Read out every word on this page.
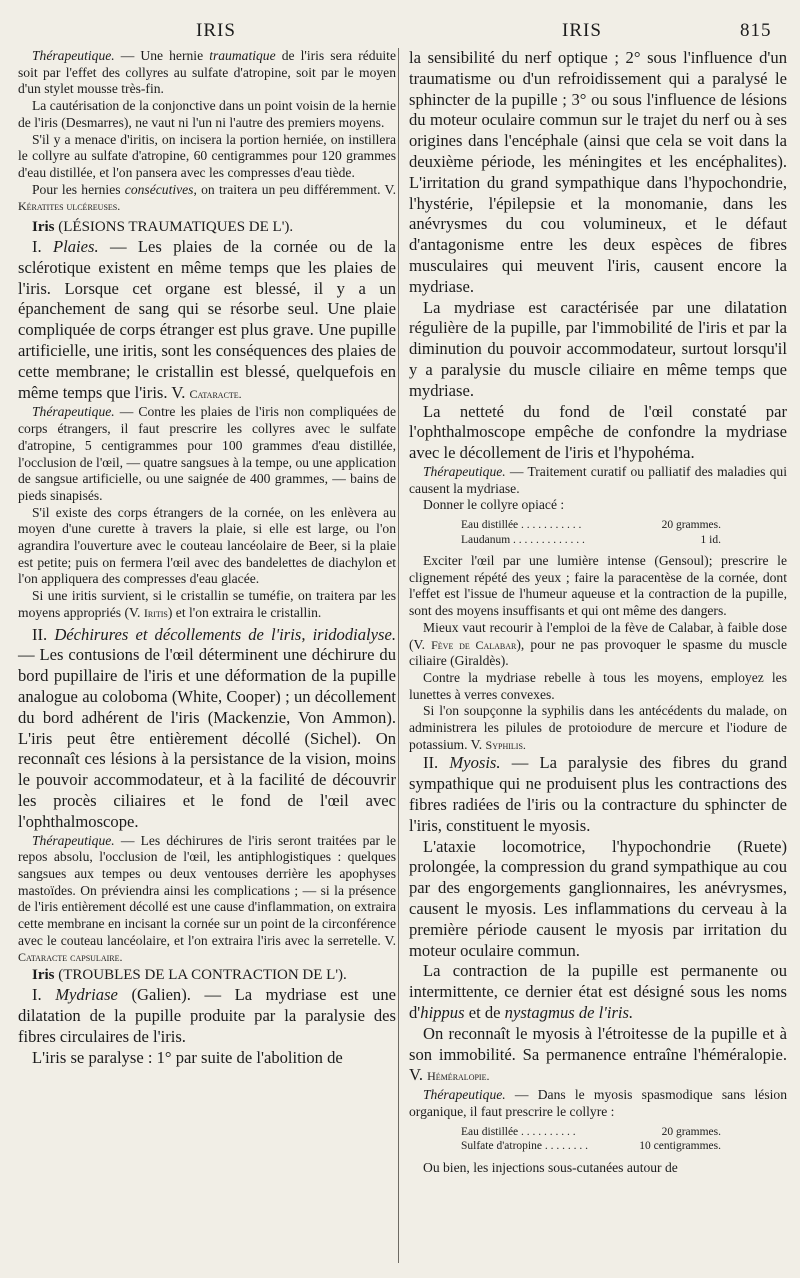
IRIS	IRIS	815

Thérapeutique. — Une hernie traumatique de l'iris sera réduite soit par l'effet des collyres au sulfate d'atropine, soit par le moyen d'un stylet mousse très-fin.

La cautérisation de la conjonctive dans un point voisin de la hernie de l'iris (Desmarres), ne vaut ni l'un ni l'autre des premiers moyens.

S'il y a menace d'iritis, on incisera la portion herniée, on instillera le collyre au sulfate d'atropine, 60 centigrammes pour 120 grammes d'eau distillée, et l'on pansera avec les compresses d'eau tiède.

Pour les hernies consécutives, on traitera un peu différemment. V. Kératites ulcéreuses.

Iris (LÉSIONS TRAUMATIQUES DE L').

I. Plaies. — Les plaies de la cornée ou de la sclérotique existent en même temps que les plaies de l'iris. Lorsque cet organe est blessé, il y a un épanchement de sang qui se résorbe seul. Une plaie compliquée de corps étranger est plus grave. Une pupille artificielle, une iritis, sont les conséquences des plaies de cette membrane; le cristallin est blessé, quelquefois en même temps que l'iris. V. Cataracte.

Thérapeutique. — Contre les plaies de l'iris non compliquées de corps étrangers, il faut prescrire les collyres avec le sulfate d'atropine, 5 centigrammes pour 100 grammes d'eau distillée, l'occlusion de l'œil, — quatre sangsues à la tempe, ou une application de sangsue artificielle, ou une saignée de 400 grammes, — bains de pieds sinapisés.

S'il existe des corps étrangers de la cornée, on les enlèvera au moyen d'une curette à travers la plaie, si elle est large, ou l'on agrandira l'ouverture avec le couteau lancéolaire de Beer, si la plaie est petite; puis on fermera l'œil avec des bandelettes de diachylon et l'on appliquera des compresses d'eau glacée.

Si une iritis survient, si le cristallin se tuméfie, on traitera par les moyens appropriés (V. Iritis) et l'on extraira le cristallin.

II. Déchirures et décollements de l'iris, iridodialyse. — Les contusions de l'œil déterminent une déchirure du bord pupillaire de l'iris et une déformation de la pupille analogue au coloboma (White, Cooper) ; un décollement du bord adhérent de l'iris (Mackenzie, Von Ammon). L'iris peut être entièrement décollé (Sichel). On reconnaît ces lésions à la persistance de la vision, moins le pouvoir accommodateur, et à la facilité de découvrir les procès ciliaires et le fond de l'œil avec l'ophthalmoscope.

Thérapeutique. — Les déchirures de l'iris seront traitées par le repos absolu, l'occlusion de l'œil, les antiphlogistiques : quelques sangsues aux tempes ou deux ventouses derrière les apophyses mastoïdes. On préviendra ainsi les complications ; — si la présence de l'iris entièrement décollé est une cause d'inflammation, on extraira cette membrane en incisant la cornée sur un point de la circonférence avec le couteau lancéolaire, et l'on extraira l'iris avec la serretelle. V. Cataracte capsulaire.

Iris (TROUBLES DE LA CONTRACTION DE L').

I. Mydriase (Galien). — La mydriase est une dilatation de la pupille produite par la paralysie des fibres circulaires de l'iris.

L'iris se paralyse : 1° par suite de l'abolition de

la sensibilité du nerf optique ; 2° sous l'influence d'un traumatisme ou d'un refroidissement qui a paralysé le sphincter de la pupille ; 3° ou sous l'influence de lésions du moteur oculaire commun sur le trajet du nerf ou à ses origines dans l'encéphale (ainsi que cela se voit dans la deuxième période, les méningites et les encéphalites). L'irritation du grand sympathique dans l'hypochondrie, l'hystérie, l'épilepsie et la monomanie, dans les anévrysmes du cou volumineux, et le défaut d'antagonisme entre les deux espèces de fibres musculaires qui meuvent l'iris, causent encore la mydriase.

La mydriase est caractérisée par une dilatation régulière de la pupille, par l'immobilité de l'iris et par la diminution du pouvoir accommodateur, surtout lorsqu'il y a paralysie du muscle ciliaire en même temps que mydriase.

La netteté du fond de l'œil constaté par l'ophthalmoscope empêche de confondre la mydriase avec le décollement de l'iris et l'hypohéma.

Thérapeutique. — Traitement curatif ou palliatif des maladies qui causent la mydriase.

Donner le collyre opiacé :

Eau distillée . . . . . . . . . . .	20 grammes.
Laudanum . . . . . . . . . . . . .	1 id.

Exciter l'œil par une lumière intense (Gensoul); prescrire le clignement répété des yeux ; faire la paracentèse de la cornée, dont l'effet est l'issue de l'humeur aqueuse et la contraction de la pupille, sont des moyens insuffisants et qui ont même des dangers.

Mieux vaut recourir à l'emploi de la fève de Calabar, à faible dose (V. Fève de Calabar), pour ne pas provoquer le spasme du muscle ciliaire (Giraldès).

Contre la mydriase rebelle à tous les moyens, employez les lunettes à verres convexes.

Si l'on soupçonne la syphilis dans les antécédents du malade, on administrera les pilules de protoiodure de mercure et l'iodure de potassium. V. Syphilis.

II. Myosis. — La paralysie des fibres du grand sympathique qui ne produisent plus les contractions des fibres radiées de l'iris ou la contracture du sphincter de l'iris, constituent le myosis.

L'ataxie locomotrice, l'hypochondrie (Ruete) prolongée, la compression du grand sympathique au cou par des engorgements ganglionnaires, les anévrysmes, causent le myosis. Les inflammations du cerveau à la première période causent le myosis par irritation du moteur oculaire commun.

La contraction de la pupille est permanente ou intermittente, ce dernier état est désigné sous les noms d'hippus et de nystagmus de l'iris.

On reconnaît le myosis à l'étroitesse de la pupille et à son immobilité. Sa permanence entraîne l'héméralopie. V. Héméralopie.

Thérapeutique. — Dans le myosis spasmodique sans lésion organique, il faut prescrire le collyre :

Eau distillée . . . . . . . . . .	20 grammes.
Sulfate d'atropine . . . . . . . .	10 centigrammes.

Ou bien, les injections sous-cutanées autour de
